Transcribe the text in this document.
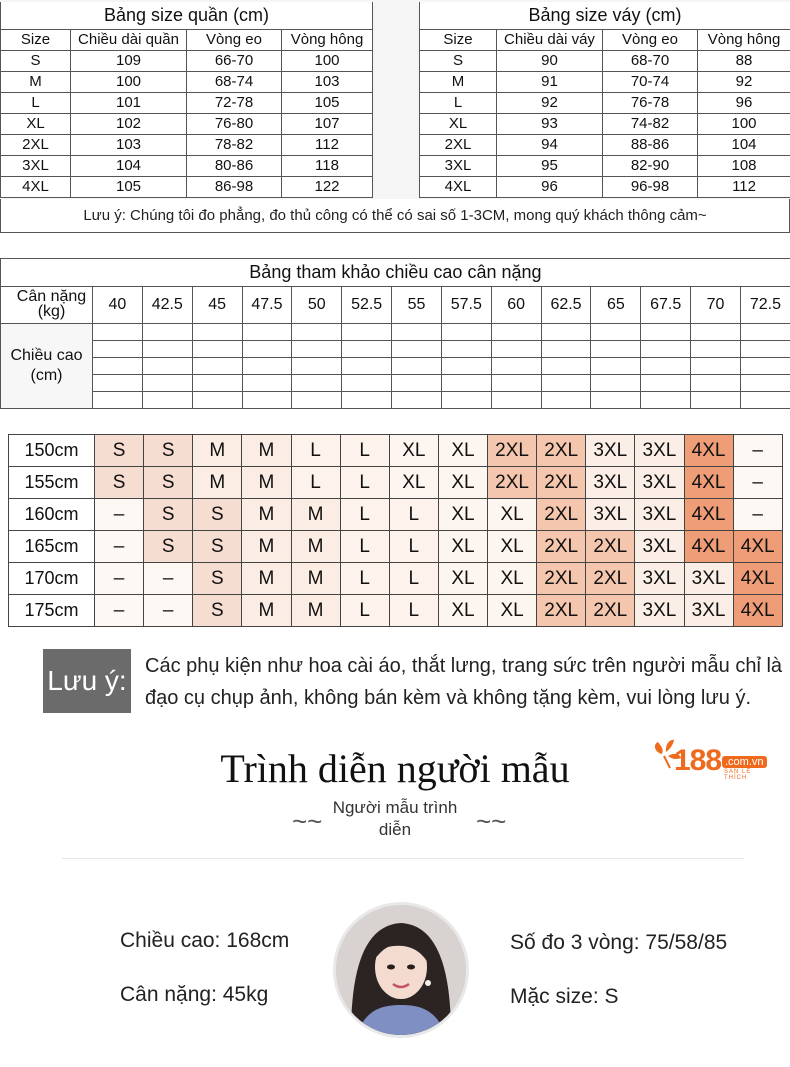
Bảng size quần (cm)			
Size	Chiều dài quần	Vòng eo	Vòng hông
S	109	66-70	100
M	100	68-74	103
L	101	72-78	105
XL	102	76-80	107
2XL	103	78-82	112
3XL	104	80-86	118
4XL	105	86-98	122
Bảng size váy (cm)			
Size	Chiều dài váy	Vòng eo	Vòng hông
S	90	68-70	88
M	91	70-74	92
L	92	76-78	96
XL	93	74-82	100
2XL	94	88-86	104
3XL	95	82-90	108
4XL	96	96-98	112
Lưu ý: Chúng tôi đo phẳng, đo thủ công có thể có sai số 1-3CM, mong quý khách thông cảm~
Bảng tham khảo chiều cao cân nặng														

Cân nặng (kg)	40	42.5	45	47.5	50	52.5	55	57.5	60	62.5	65	67.5	70	72.5
Chiều cao (cm)														

150cm	S	S	M	M	L	L	XL	XL	2XL	2XL	3XL	3XL	4XL	–
155cm	S	S	M	M	L	L	XL	XL	2XL	2XL	3XL	3XL	4XL	–
160cm	–	S	S	M	M	L	L	XL	XL	2XL	3XL	3XL	4XL	–
165cm	–	S	S	M	M	L	L	XL	XL	2XL	2XL	3XL	4XL	4XL
170cm	–	–	S	M	M	L	L	XL	XL	2XL	2XL	3XL	3XL	4XL
175cm	–	–	S	M	M	L	L	XL	XL	2XL	2XL	3XL	3XL	4XL
Lưu ý: Các phụ kiện như hoa cài áo, thắt lưng, trang sức trên người mẫu chỉ là đạo cụ chụp ảnh, không bán kèm và không tặng kèm, vui lòng lưu ý.
Trình diễn người mẫu	188 .com.vn
SĂN LẺ THÍCH
~~ Người mẫu trình diễn	~~
Chiều cao: 168cm
Cân nặng: 45kg
Số đo 3 vòng: 75/58/85
Mặc size: S
